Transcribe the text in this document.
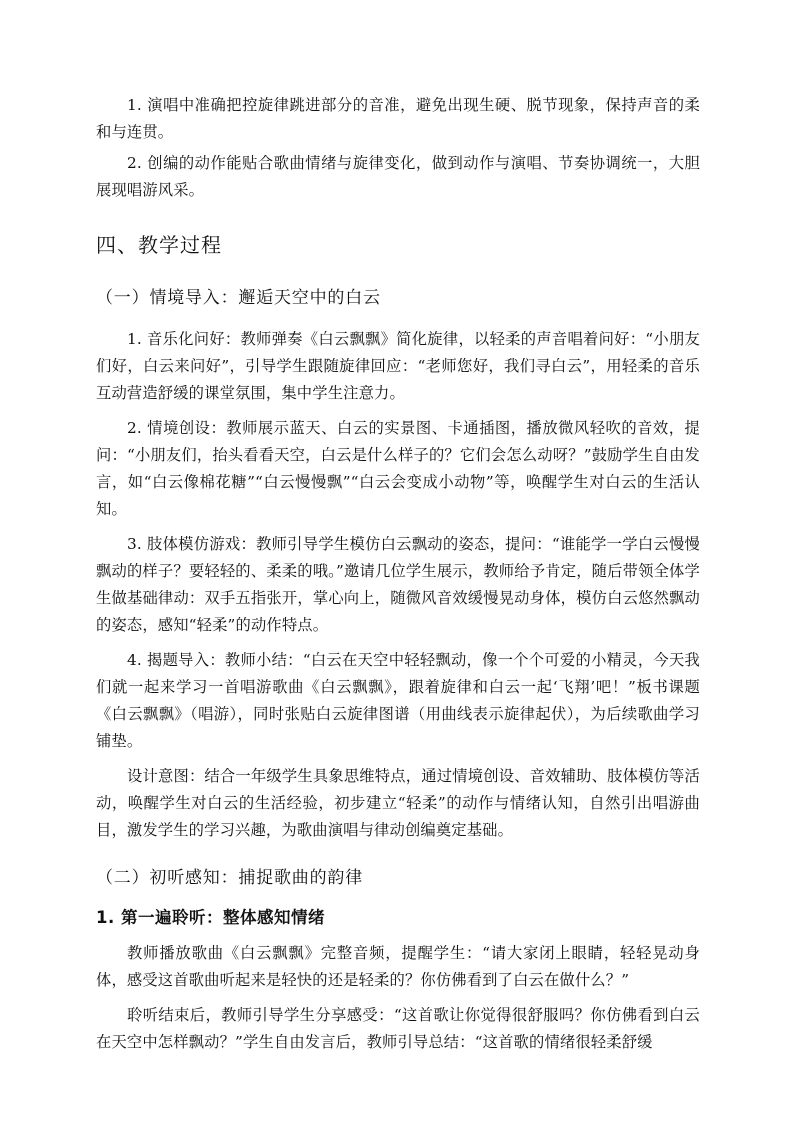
1. 演唱中准确把控旋律跳进部分的音准，避免出现生硬、脱节现象，保持声音的柔和与连贯。

2. 创编的动作能贴合歌曲情绪与旋律变化，做到动作与演唱、节奏协调统一，大胆展现唱游风采。

四、教学过程
（一）情境导入：邂逅天空中的白云

1. 音乐化问好：教师弹奏《白云飘飘》简化旋律，以轻柔的声音唱着问好：“小朋友们好，白云来问好”，引导学生跟随旋律回应：“老师您好，我们寻白云”，用轻柔的音乐互动营造舒缓的课堂氛围，集中学生注意力。

2. 情境创设：教师展示蓝天、白云的实景图、卡通插图，播放微风轻吹的音效，提问：“小朋友们，抬头看看天空，白云是什么样子的？它们会怎么动呀？”鼓励学生自由发言，如“白云像棉花糖”“白云慢慢飘”“白云会变成小动物”等，唤醒学生对白云的生活认知。

3. 肢体模仿游戏：教师引导学生模仿白云飘动的姿态，提问：“谁能学一学白云慢慢飘动的样子？要轻轻的、柔柔的哦。”邀请几位学生展示，教师给予肯定，随后带领全体学生做基础律动：双手五指张开，掌心向上，随微风音效缓慢晃动身体，模仿白云悠然飘动的姿态，感知“轻柔”的动作特点。

4. 揭题导入：教师小结：“白云在天空中轻轻飘动，像一个个可爱的小精灵，今天我们就一起来学习一首唱游歌曲《白云飘飘》，跟着旋律和白云一起‘飞翔’吧！”板书课题《白云飘飘》（唱游），同时张贴白云旋律图谱（用曲线表示旋律起伏），为后续歌曲学习铺垫。

设计意图：结合一年级学生具象思维特点，通过情境创设、音效辅助、肢体模仿等活动，唤醒学生对白云的生活经验，初步建立“轻柔”的动作与情绪认知，自然引出唱游曲目，激发学生的学习兴趣，为歌曲演唱与律动创编奠定基础。

（二）初听感知：捕捉歌曲的韵律
1. 第一遍聆听：整体感知情绪

教师播放歌曲《白云飘飘》完整音频，提醒学生：“请大家闭上眼睛，轻轻晃动身体，感受这首歌曲听起来是轻快的还是轻柔的？你仿佛看到了白云在做什么？”

聆听结束后，教师引导学生分享感受：“这首歌让你觉得很舒服吗？你仿佛看到白云在天空中怎样飘动？”学生自由发言后，教师引导总结：“这首歌的情绪很轻柔舒缓
